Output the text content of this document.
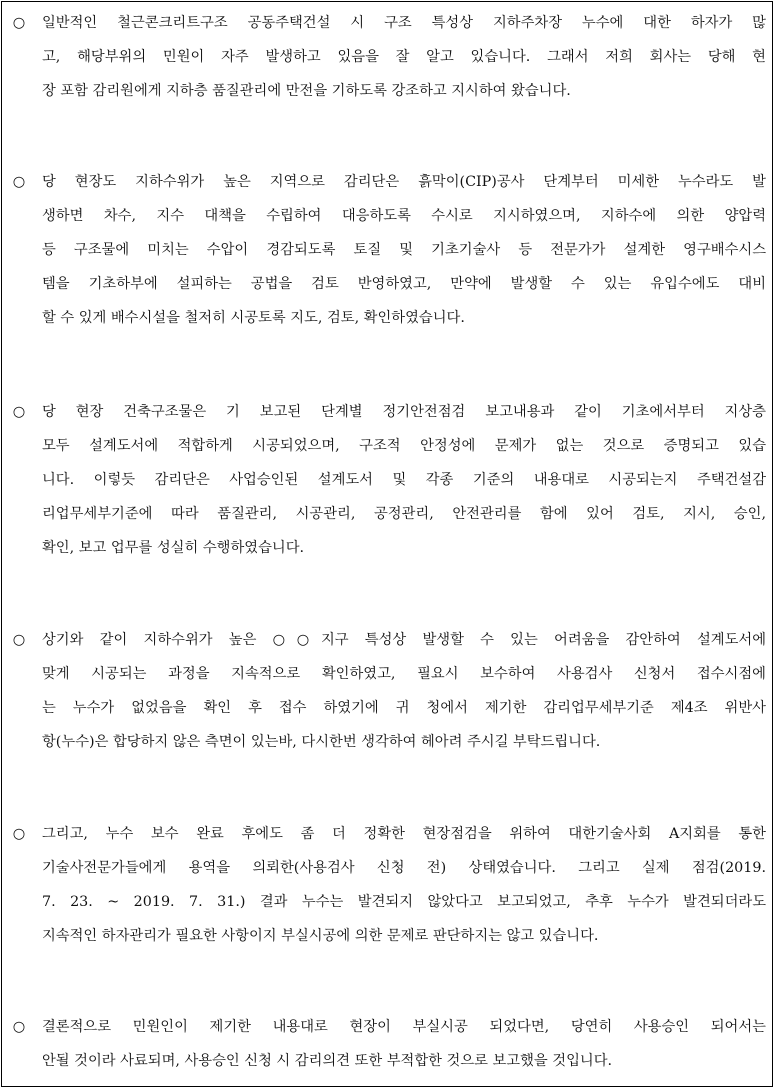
○	일반적인 철근콘크리트구조 공동주택건설 시 구조 특성상 지하주차장 누수에 대한 하자가 많
고, 해당부위의 민원이 자주 발생하고 있음을 잘 알고 있습니다. 그래서 저희 회사는 당해 현
장 포함 감리원에게 지하층 품질관리에 만전을 기하도록 강조하고 지시하여 왔습니다.
○	당 현장도 지하수위가 높은 지역으로 감리단은 흙막이(CIP)공사 단계부터 미세한 누수라도 발
생하면 차수, 지수 대책을 수립하여 대응하도록 수시로 지시하였으며, 지하수에 의한 양압력
등 구조물에 미치는 수압이 경감되도록 토질 및 기초기술사 등 전문가가 설계한 영구배수시스
템을 기초하부에 설피하는 공법을 검토 반영하였고, 만약에 발생할 수 있는 유입수에도 대비
할 수 있게 배수시설을 철저히 시공토록 지도, 검토, 확인하였습니다.
○	당 현장 건축구조물은 기 보고된 단계별 정기안전점검 보고내용과 같이 기초에서부터 지상층
모두 설계도서에 적합하게 시공되었으며, 구조적 안정성에 문제가 없는 것으로 증명되고 있습
니다. 이렇듯 감리단은 사업승인된 설계도서 및 각종 기준의 내용대로 시공되는지 주택건설감
리업무세부기준에 따라 품질관리, 시공관리, 공정관리, 안전관리를 함에 있어 검토, 지시, 승인,
확인, 보고 업무를 성실히 수행하였습니다.
○	상기와 같이 지하수위가 높은 ○○지구 특성상 발생할 수 있는 어려움을 감안하여 설계도서에
맞게 시공되는 과정을 지속적으로 확인하였고, 필요시 보수하여 사용검사 신청서 접수시점에
는 누수가 없었음을 확인 후 접수 하였기에 귀 청에서 제기한 감리업무세부기준 제4조 위반사
항(누수)은 합당하지 않은 측면이 있는바, 다시한번 생각하여 헤아려 주시길 부탁드립니다.
○	그리고, 누수 보수 완료 후에도 좀 더 정확한 현장점검을 위하여 대한기술사회 A지회를 통한
기술사전문가들에게 용역을 의뢰한(사용검사 신청 전) 상태였습니다. 그리고 실제 점검(2019.
7. 23. ~ 2019. 7. 31.) 결과 누수는 발견되지 않았다고 보고되었고, 추후 누수가 발견되더라도
지속적인 하자관리가 필요한 사항이지 부실시공에 의한 문제로 판단하지는 않고 있습니다.
○	결론적으로 민원인이 제기한 내용대로 현장이 부실시공 되었다면, 당연히 사용승인 되어서는
안될 것이라 사료되며, 사용승인 신청 시 감리의견 또한 부적합한 것으로 보고했을 것입니다.
